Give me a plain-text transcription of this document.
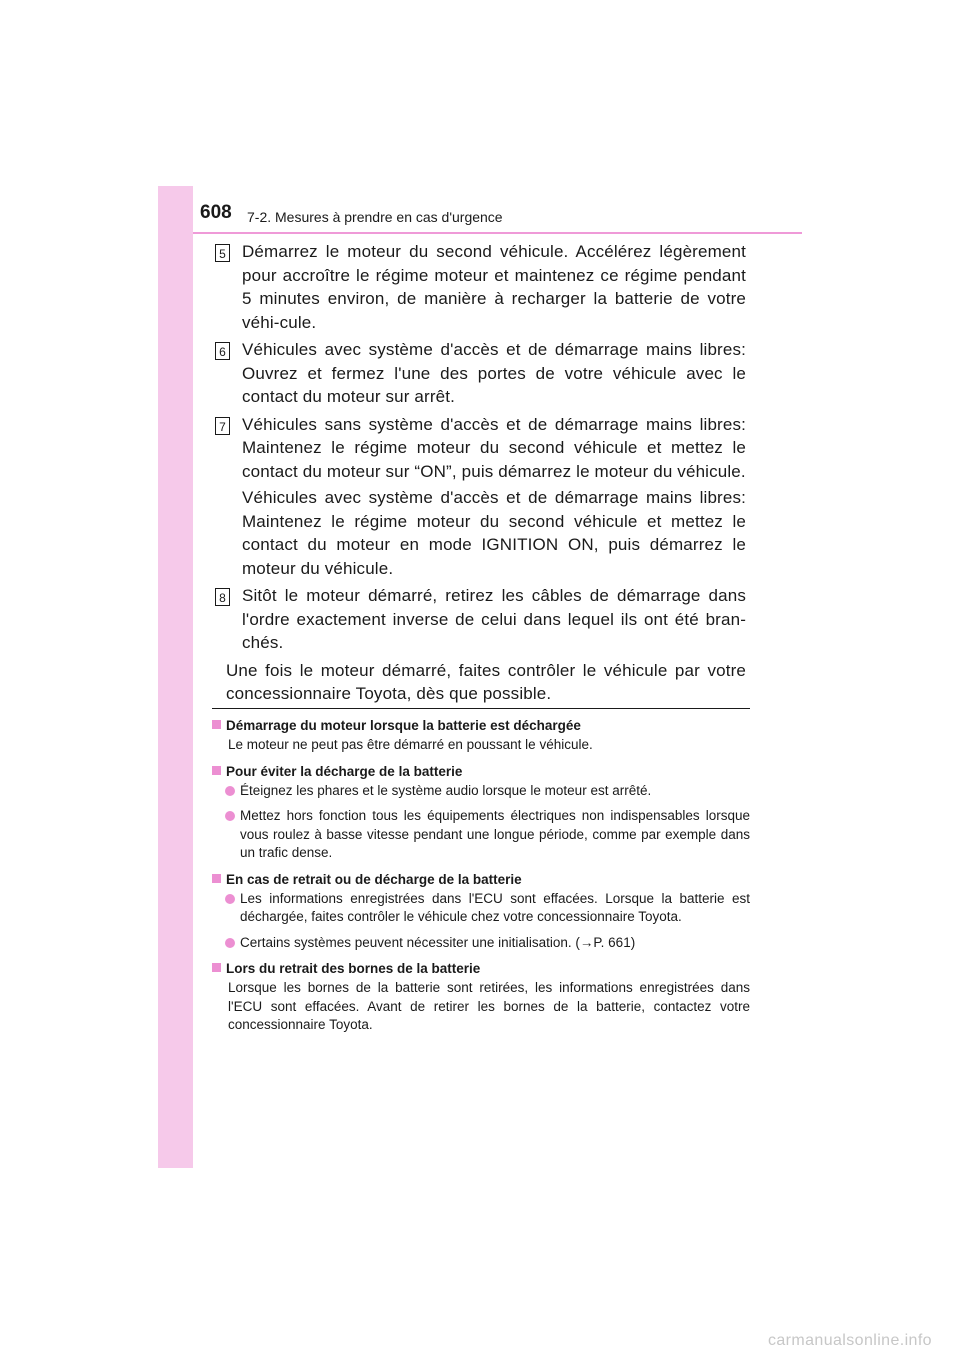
608 7-2. Mesures à prendre en cas d'urgence
5 Démarrez le moteur du second véhicule. Accélérez légèrement pour accroître le régime moteur et maintenez ce régime pendant 5 minutes environ, de manière à recharger la batterie de votre véhi-cule.

6 Véhicules avec système d'accès et de démarrage mains libres: Ouvrez et fermez l'une des portes de votre véhicule avec le contact du moteur sur arrêt.

7 Véhicules sans système d'accès et de démarrage mains libres: Maintenez le régime moteur du second véhicule et mettez le contact du moteur sur “ON”, puis démarrez le moteur du véhicule.

Véhicules avec système d'accès et de démarrage mains libres: Maintenez le régime moteur du second véhicule et mettez le contact du moteur en mode IGNITION ON, puis démarrez le moteur du véhicule.

8 Sitôt le moteur démarré, retirez les câbles de démarrage dans l'ordre exactement inverse de celui dans lequel ils ont été bran-chés.

Une fois le moteur démarré, faites contrôler le véhicule par votre concessionnaire Toyota, dès que possible.

Démarrage du moteur lorsque la batterie est déchargée

Le moteur ne peut pas être démarré en poussant le véhicule.

Pour éviter la décharge de la batterie

Éteignez les phares et le système audio lorsque le moteur est arrêté.

Mettez hors fonction tous les équipements électriques non indispensables lorsque vous roulez à basse vitesse pendant une longue période, comme par exemple dans un trafic dense.

En cas de retrait ou de décharge de la batterie

Les informations enregistrées dans l'ECU sont effacées. Lorsque la batterie est déchargée, faites contrôler le véhicule chez votre concessionnaire Toyota.

Certains systèmes peuvent nécessiter une initialisation. (→P. 661)

Lors du retrait des bornes de la batterie

Lorsque les bornes de la batterie sont retirées, les informations enregistrées dans l'ECU sont effacées. Avant de retirer les bornes de la batterie, contactez votre concessionnaire Toyota.

carmanualsonline.info
